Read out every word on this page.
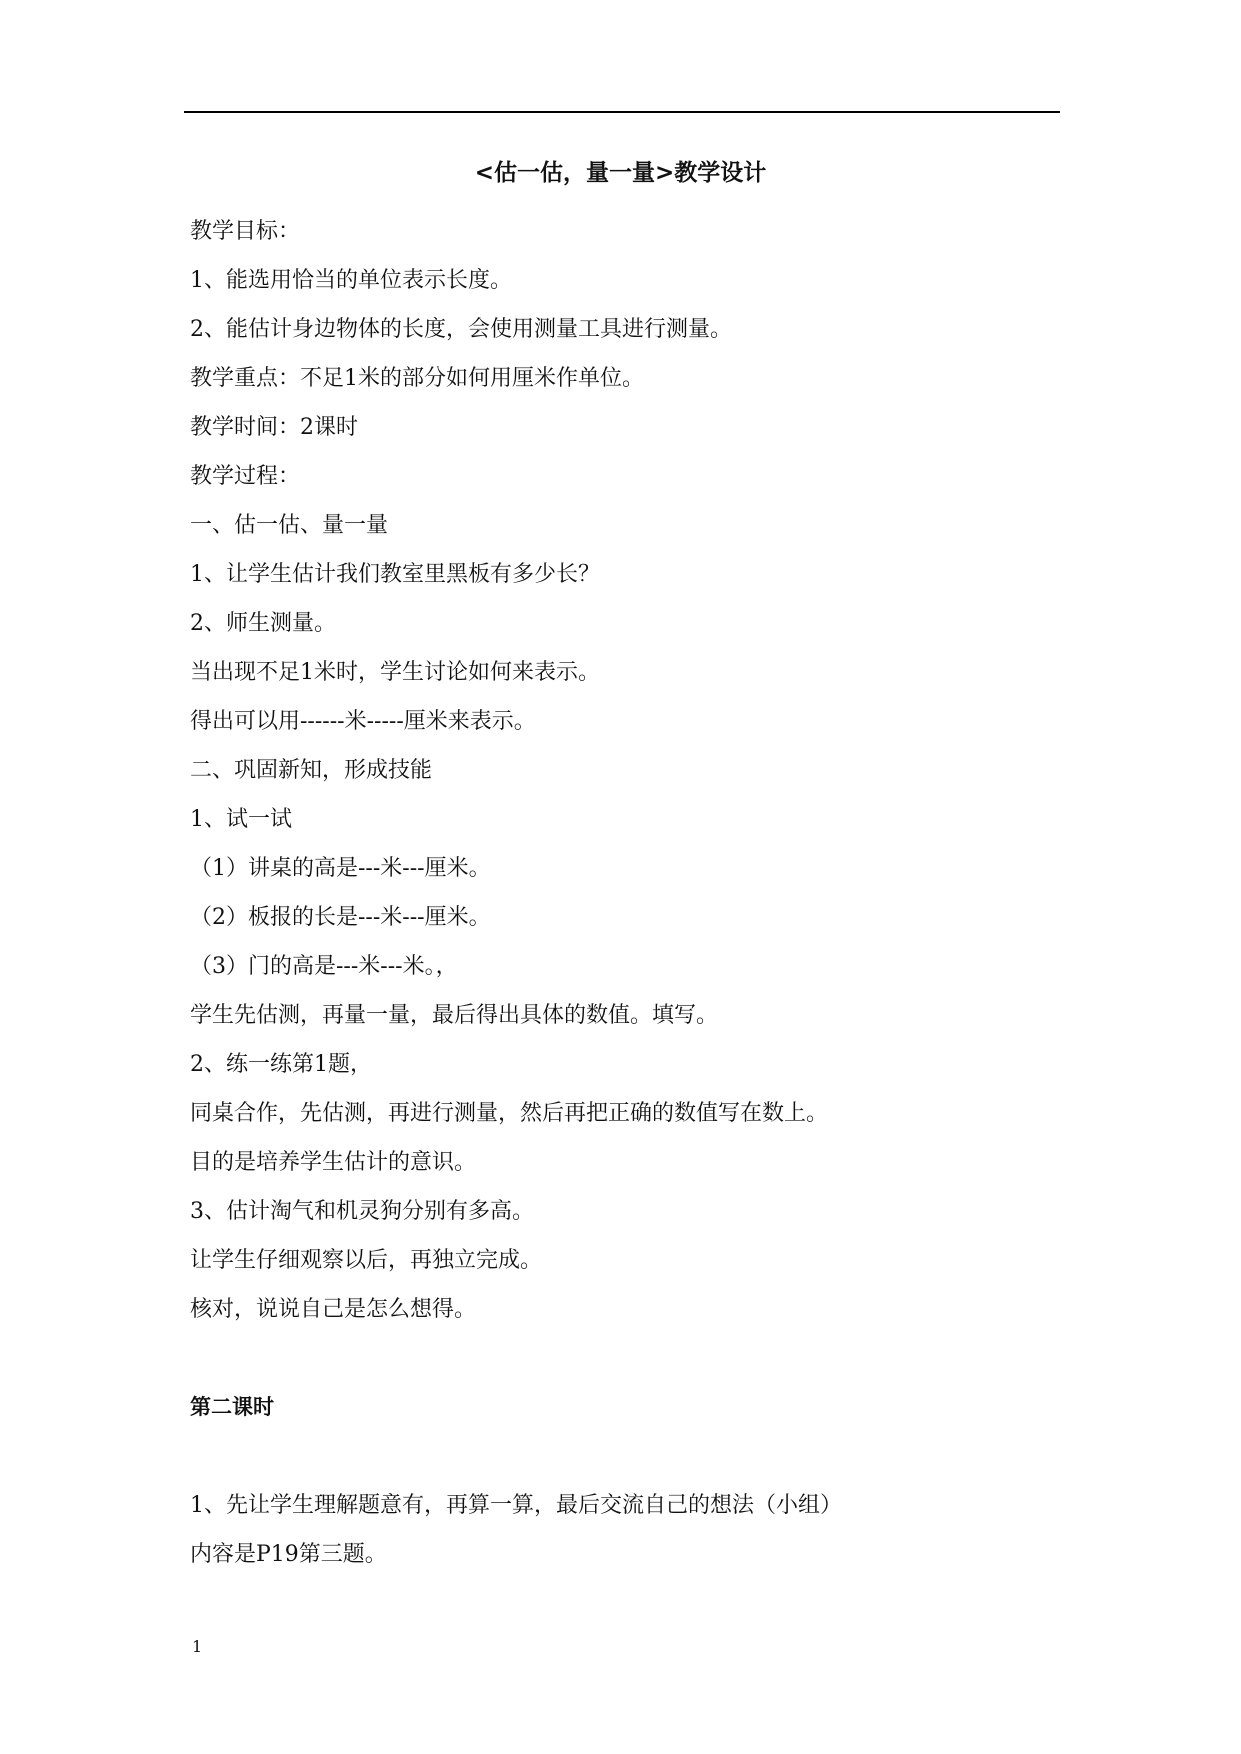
<估一估，量一量>教学设计
教学目标：
1、能选用恰当的单位表示长度。
2、能估计身边物体的长度，会使用测量工具进行测量。
教学重点：不足1米的部分如何用厘米作单位。
教学时间：2课时
教学过程：
一、估一估、量一量
1、让学生估计我们教室里黑板有多少长？
2、师生测量。
当出现不足1米时，学生讨论如何来表示。
得出可以用------米-----厘米来表示。
二、巩固新知，形成技能
1、试一试
（1）讲桌的高是---米---厘米。
（2）板报的长是---米---厘米。
（3）门的高是---米---米。，
学生先估测，再量一量，最后得出具体的数值。填写。
2、练一练第1题，
同桌合作，先估测，再进行测量，然后再把正确的数值写在数上。
目的是培养学生估计的意识。
3、估计淘气和机灵狗分别有多高。
让学生仔细观察以后，再独立完成。
核对，说说自己是怎么想得。
第二课时
1、先让学生理解题意有，再算一算，最后交流自己的想法（小组）
内容是P19第三题。
1
